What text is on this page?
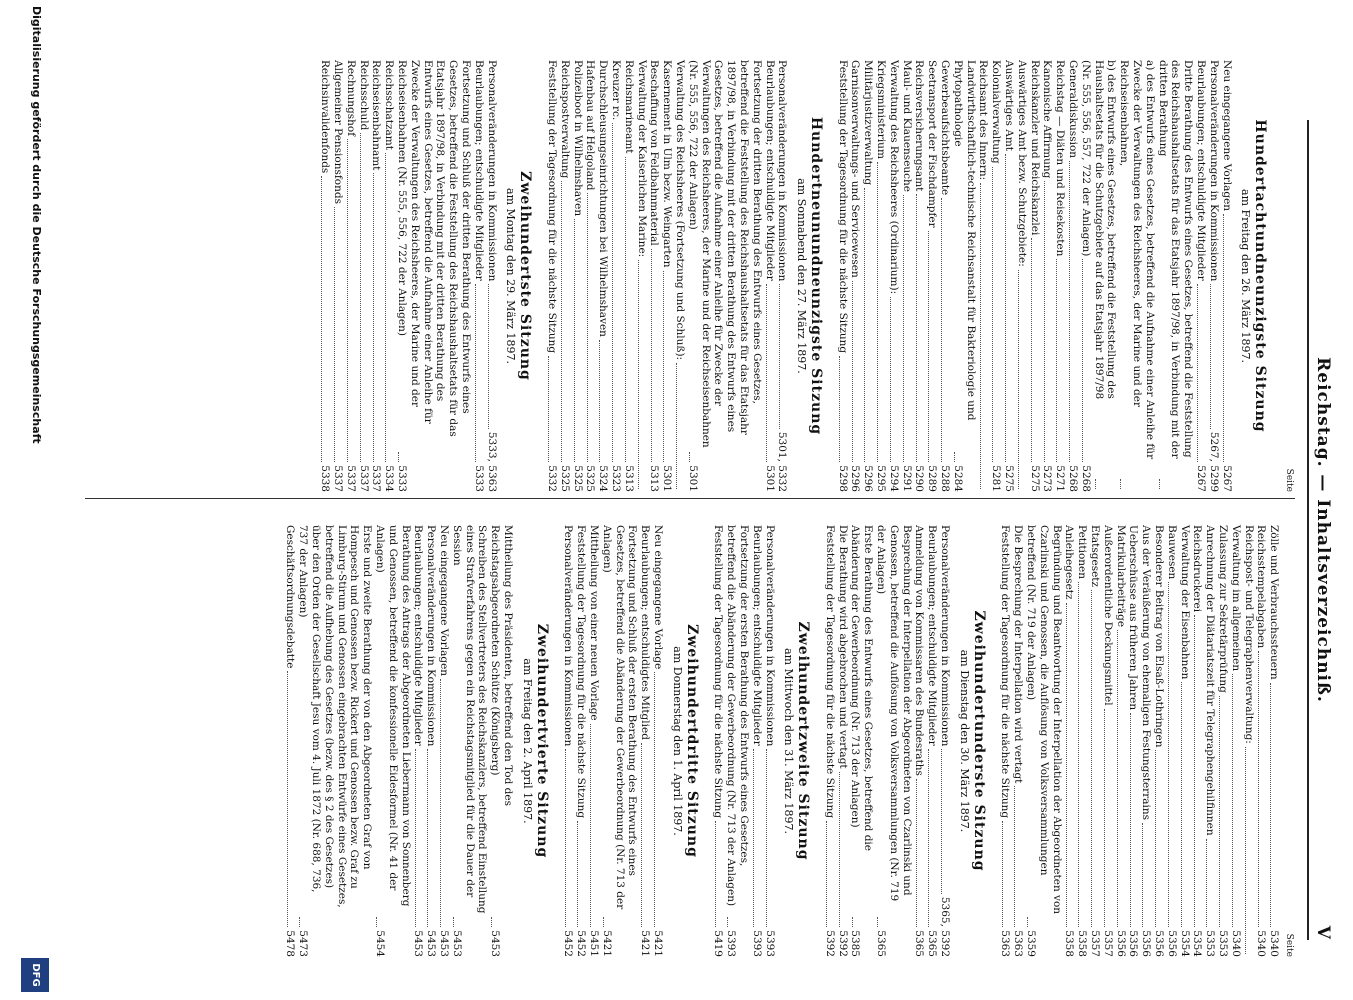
Reichstag. — Inhaltsverzeichniß.
V
Seite
Hundertachtundneunzigste Sitzung
am Freitag den 26. März 1897.
Neu eingegangene Vorlagen
5267
Personalveränderungen in Kommissionen
5267, 5299
Beurlaubungen; entschuldigte Mitglieder
5267
Dritte Berathung des Entwurfs eines Gesetzes, betreffend die Feststellung des Reichshaushaltsetats für das Etatsjahr 1897/98, in Verbindung mit der dritten Berathung
a) des Entwurfs eines Gesetzes, betreffend die Aufnahme einer Anleihe für Zwecke der Verwaltungen des Reichsheeres, der Marine und der Reichseisenbahnen,
b) des Entwurfs eines Gesetzes, betreffend die Feststellung des Haushaltsetats für die Schutzgebiete auf das Etatsjahr 1897/98
(Nr. 555, 556, 557, 722 der Anlagen)
5268
Generaldiskussion
5268
Reichstag — Diäten und Reisekosten
5271
Kanonische Affirmung
5273
Reichskanzler und Reichskanzlei
5275
Auswärtiges Amt bezw. Schutzgebiete:
Auswärtiges Amt
5275
Kolonialverwaltung
5281
Reichsamt des Innern:
Landwirthschaftlich-technische Reichsanstalt für Bakteriologie und Phytopathologie
5284
Gewerbeaufsichtsbeamte
5288
Seetransport der Fischdampfer
5289
Reichsversicherungsamt
5290
Maul- und Klauenseuche
5291
Verwaltung des Reichsheeres (Ordinarium):
5294
Kriegsministerium
5295
Militärjustizverwaltung
5296
Garnisonverwaltungs- und Servicewesen
5296
Feststellung der Tagesordnung für die nächste Sitzung
5298
Hundertneunundneunzigste Sitzung
am Sonnabend den 27. März 1897.
Personalveränderungen in Kommissionen
5301, 5332
Beurlaubungen; entschuldigte Mitglieder
5301
Fortsetzung der dritten Berathung des Entwurfs eines Gesetzes, betreffend die Feststellung des Reichshaushaltsetats für das Etatsjahr 1897/98, in Verbindung mit der dritten Berathung des Entwurfs eines Gesetzes, betreffend die Aufnahme einer Anleihe für Zwecke der Verwaltungen des Reichsheeres, der Marine und der Reichseisenbahnen (Nr. 555, 556, 722 der Anlagen)
5301
Verwaltung des Reichsheeres (Fortsetzung und Schluß):
Kasernement in Ulm bezw. Weingarten
5301
Beschaffung von Feldbahnmaterial
5313
Verwaltung der Kaiserlichen Marine:
Reichsmarineamt
5313
Kreuzer rc.
5323
Durchschleusungseinrichtungen bei Wilhelmshaven
5324
Hafenbau auf Helgoland
5325
Polizeiboot in Wilhelmshaven
5325
Reichspostverwaltung
5325
Feststellung der Tagesordnung für die nächste Sitzung
5332
Zweihundertste Sitzung
am Montag den 29. März 1897.
Personalveränderungen in Kommissionen
5333, 5363
Beurlaubungen; entschuldigte Mitglieder
5333
Fortsetzung und Schluß der dritten Berathung des Entwurfs eines Gesetzes, betreffend die Feststellung des Reichshaushaltsetats für das Etatsjahr 1897/98, in Verbindung mit der dritten Berathung des Entwurfs eines Gesetzes, betreffend die Aufnahme einer Anleihe für Zwecke der Verwaltungen des Reichsheeres, der Marine und der Reichseisenbahnen (Nr. 555, 556, 722 der Anlagen)
5333
Reichsschatzamt
5334
Reichseisenbahnamt
5337
Reichsschuld
5337
Rechnungshof
5337
Allgemeiner Pensionsfonds
5337
Reichsinvalidenfonds
5338
Seite
Zölle und Verbrauchssteuern
5340
Reichsstempelabgaben
5340
Reichspost- und Telegraphenverwaltung:
Verwaltung im allgemeinen
5340
Zulassung zur Sekretärprüfung
5353
Anrechnung der Diätariatszeit für Telegraphengehilfinnen
5353
Reichsdruckerei
5354
Verwaltung der Eisenbahnen
5354
Bauwesen
5356
Besonderer Beitrag von Elsaß-Lothringen
5356
Aus der Veräußerung von ehemaligen Festungsterrains
5356
Ueberschüsse aus früheren Jahren
5356
Matrikularbeiträge
5356
Außerordentliche Deckungsmittel
5357
Etatsgesetz
5357
Petitionen
5358
Anleihegesetz
5358
Begründung und Beantwortung der Interpellation der Abgeordneten von Czarlinski und Genossen, die Auflösung von Volksversammlungen betreffend (Nr. 719 der Anlagen)
5359
Die Besprechung der Interpellation wird vertagt
5363
Feststellung der Tagesordnung für die nächste Sitzung
5363
Zweihundertunderste Sitzung
am Dienstag den 30. März 1897.
Personalveränderungen in Kommissionen
5365, 5392
Beurlaubungen; entschuldigte Mitglieder
5365
Anmeldung von Kommissaren des Bundesraths
5365
Besprechung der Interpellation der Abgeordneten von Czarlinski und Genossen, betreffend die Auflösung von Volksversammlungen (Nr. 719 der Anlagen)
5365
Erste Berathung des Entwurfs eines Gesetzes, betreffend die Abänderung der Gewerbeordnung (Nr. 713 der Anlagen)
5385
Die Berathung wird abgebrochen und vertagt
5392
Feststellung der Tagesordnung für die nächste Sitzung
5392
Zweihundertzweite Sitzung
am Mittwoch den 31. März 1897.
Personalveränderungen in Kommissionen
5393
Beurlaubungen; entschuldigte Mitglieder
5393
Fortsetzung der ersten Berathung des Entwurfs eines Gesetzes, betreffend die Abänderung der Gewerbeordnung (Nr. 713 der Anlagen)
5393
Feststellung der Tagesordnung für die nächste Sitzung
5419
Zweihundertdritte Sitzung
am Donnerstag den 1. April 1897.
Neu eingegangene Vorlage
5421
Beurlaubungen; entschuldigtes Mitglied
5421
Fortsetzung und Schluß der ersten Berathung des Entwurfs eines Gesetzes, betreffend die Abänderung der Gewerbeordnung (Nr. 713 der Anlagen)
5421
Mittheilung von einer neuen Vorlage
5451
Feststellung der Tagesordnung für die nächste Sitzung
5452
Personalveränderungen in Kommissionen
5452
Zweihundertvierte Sitzung
am Freitag den 2. April 1897.
Mittheilung des Präsidenten, betreffend den Tod des Reichstagsabgeordneten Schütze (Königsberg)
5453
Schreiben des Stellvertreters des Reichskanzlers, betreffend Einstellung eines Strafverfahrens gegen ein Reichstagsmitglied für die Dauer der Session
5453
Neu eingegangene Vorlagen
5453
Personalveränderungen in Kommissionen
5453
Beurlaubungen; entschuldigte Mitglieder
5453
Berathung des Antrags der Abgeordneten Liebermann von Sonnenberg und Genossen, betreffend die konfessionelle Eidesformel (Nr. 41 der Anlagen)
5454
Erste und zweite Berathung der von den Abgeordneten Graf von Hompesch und Genossen bezw. Rickert und Genossen bezw. Graf zu Limburg-Stirum und Genossen eingebrachten Entwürfe eines Gesetzes, betreffend die Aufhebung des Gesetzes (bezw. des § 2 des Gesetzes) über den Orden der Gesellschaft Jesu vom 4. Juli 1872 (Nr. 688, 736, 737 der Anlagen)
5473
Geschäftsordnungsdebatte
5478
Digitalisierung gefördert durch die Deutsche Forschungsgemeinschaft
DFG
